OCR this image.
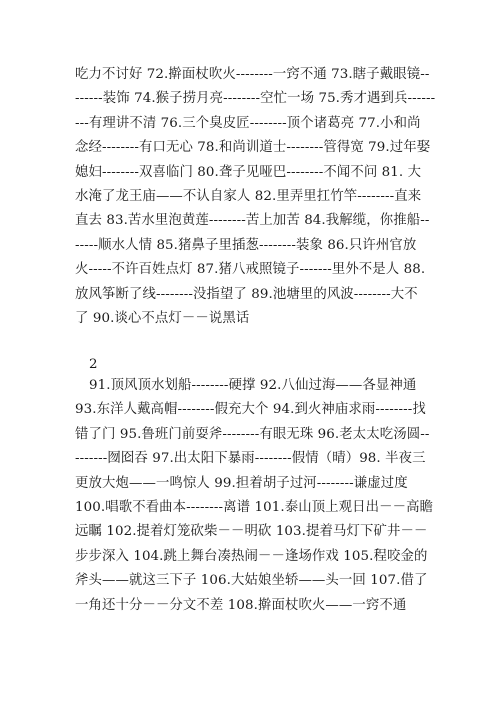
吃力不讨好 72.擀面杖吹火--------一窍不通 73.瞎子戴眼镜--
------装饰 74.猴子捞月亮--------空忙一场 75.秀才遇到兵------
---有理讲不清 76.三个臭皮匠--------顶个诸葛亮 77.小和尚
念经--------有口无心 78.和尚训道士--------管得宽 79.过年娶
媳妇--------双喜临门 80.聋子见哑巴--------不闻不问 81. 大
水淹了龙王庙——不认自家人 82.里弄里扛竹竿--------直来
直去 83.苦水里泡黄莲--------苦上加苦 84.我解缆，你推船--
-----顺水人情 85.猪鼻子里插葱--------装象 86.只许州官放
火-----不许百姓点灯 87.猪八戒照镜子-------里外不是人 88.
放风筝断了线--------没指望了 89.池塘里的风波--------大不
了 90.谈心不点灯－－说黑话
2
91.顶风顶水划船--------硬撑 92.八仙过海——各显神通
93.东洋人戴高帽--------假充大个 94.到火神庙求雨--------找
错了门 95.鲁班门前耍斧--------有眼无珠 96.老太太吃汤圆--
-------囫囵吞 97.出太阳下暴雨--------假情（晴）98. 半夜三
更放大炮——一鸣惊人 99.担着胡子过河--------谦虚过度
100.唱歌不看曲本--------离谱 101.泰山顶上观日出－－高瞻
远瞩 102.提着灯笼砍柴－－明砍 103.提着马灯下矿井－－
步步深入 104.跳上舞台凑热闹－－逢场作戏 105.程咬金的
斧头——就这三下子 106.大姑娘坐轿——头一回 107.借了
一角还十分－－分文不差 108.擀面杖吹火——一窍不通
